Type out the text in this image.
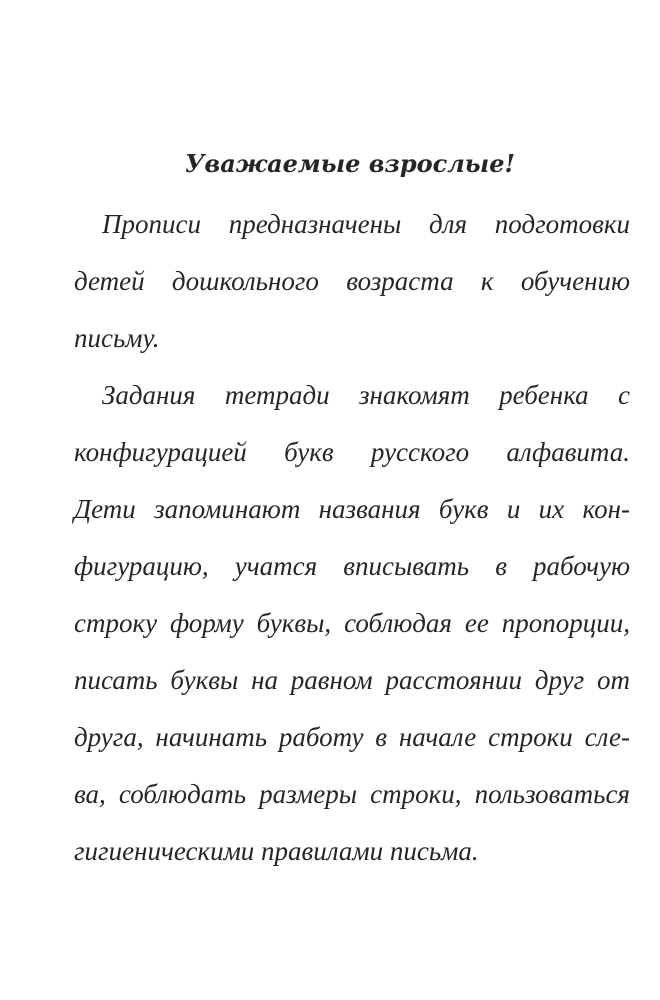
Уважаемые взрослые!

Прописи предназначены для подготовки

детей дошкольного возраста к обучению

письму.

Задания тетради знакомят ребенка с

конфигурацией букв русского алфавита.

Дети запоминают названия букв и их кон-

фигурацию, учатся вписывать в рабочую

строку форму буквы, соблюдая ее пропорции,

писать буквы на равном расстоянии друг от

друга, начинать работу в начале строки сле-

ва, соблюдать размеры строки, пользоваться

гигиеническими правилами письма.
